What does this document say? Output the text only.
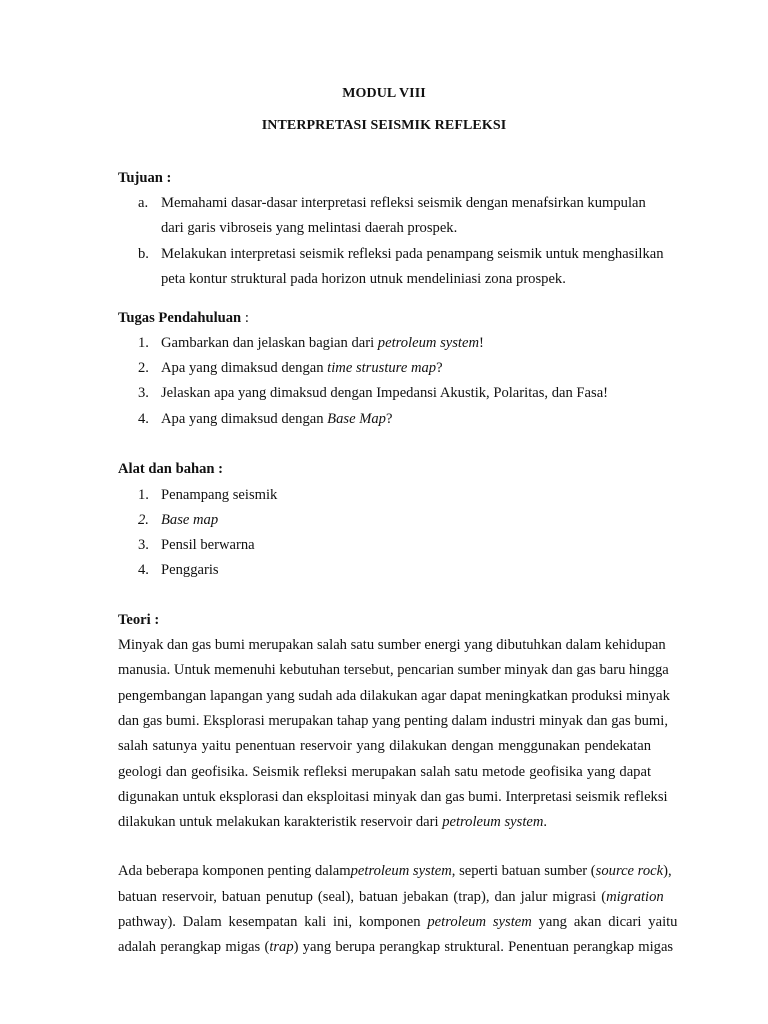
MODUL VIII
INTERPRETASI SEISMIK REFLEKSI
Tujuan :
a. Memahami dasar-dasar interpretasi refleksi seismik dengan menafsirkan kumpulan
dari garis vibroseis yang melintasi daerah prospek.
b. Melakukan interpretasi seismik refleksi pada penampang seismik untuk menghasilkan
peta kontur struktural pada horizon utnuk mendeliniasi zona prospek.
Tugas Pendahuluan :
1. Gambarkan dan jelaskan bagian dari petroleum system!
2. Apa yang dimaksud dengan time strusture map?
3. Jelaskan apa yang dimaksud dengan Impedansi Akustik, Polaritas, dan Fasa!
4. Apa yang dimaksud dengan Base Map?
Alat dan bahan :
1. Penampang seismik
2. Base map
3. Pensil berwarna
4. Penggaris
Teori :
Minyak dan gas bumi merupakan salah satu sumber energi yang dibutuhkan dalam kehidupan
manusia. Untuk memenuhi kebutuhan tersebut, pencarian sumber minyak dan gas baru hingga
pengembangan lapangan yang sudah ada dilakukan agar dapat meningkatkan produksi minyak
dan gas bumi. Eksplorasi merupakan tahap yang penting dalam industri minyak dan gas bumi,
salah satunya yaitu penentuan reservoir yang dilakukan dengan menggunakan pendekatan
geologi dan geofisika. Seismik refleksi merupakan salah satu metode geofisika yang dapat
digunakan untuk eksplorasi dan eksploitasi minyak dan gas bumi. Interpretasi seismik refleksi
dilakukan untuk melakukan karakteristik reservoir dari petroleum system.
Ada beberapa komponen penting dalampetroleum system, seperti batuan sumber (source rock),
batuan reservoir, batuan penutup (seal), batuan jebakan (trap), dan jalur migrasi (migration
pathway). Dalam kesempatan kali ini, komponen petroleum system yang akan dicari yaitu
adalah perangkap migas (trap) yang berupa perangkap struktural. Penentuan perangkap migas
